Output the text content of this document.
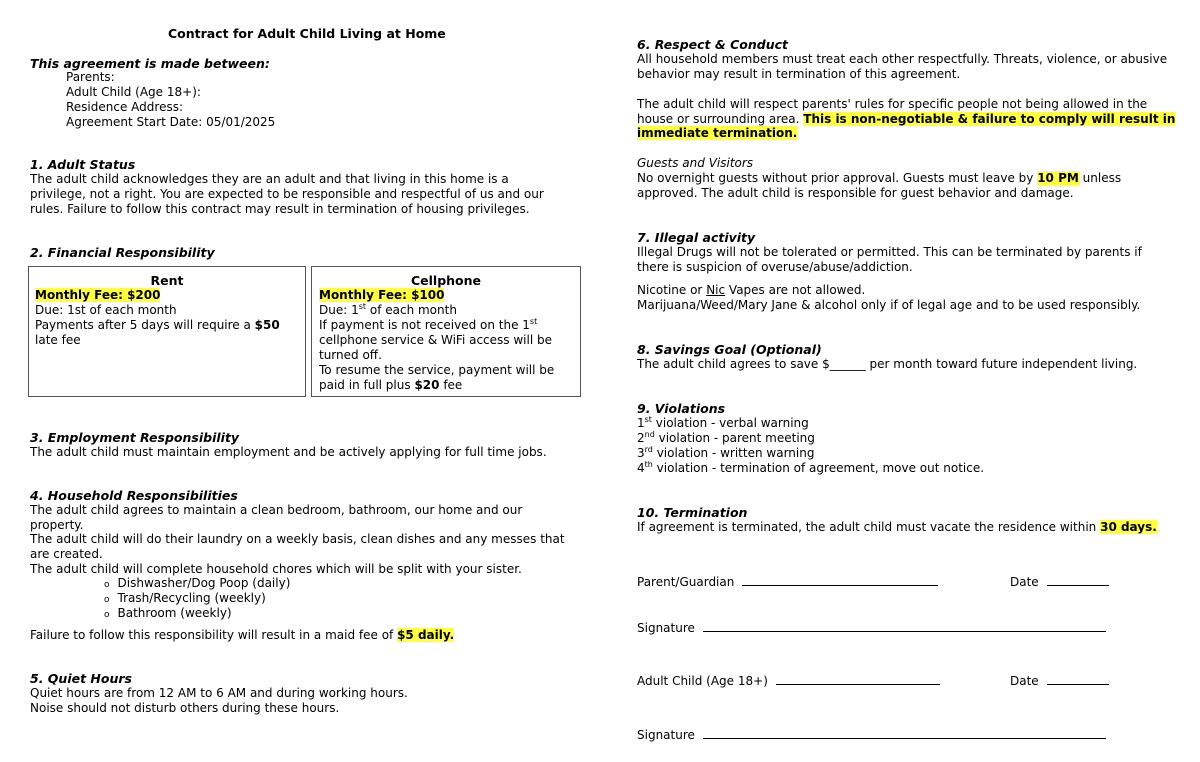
Contract for Adult Child Living at Home
This agreement is made between:
Parents:
Adult Child (Age 18+):
Residence Address:
Agreement Start Date: 05/01/2025
1. Adult Status
The adult child acknowledges they are an adult and that living in this home is a
privilege, not a right. You are expected to be responsible and respectful of us and our
rules. Failure to follow this contract may result in termination of housing privileges.
2. Financial Responsibility
Rent
Monthly Fee: $200
Due: 1st of each month
Payments after 5 days will require a $50
late fee
Cellphone
Monthly Fee: $100
Due: 1st of each month
If payment is not received on the 1st
cellphone service & WiFi access will be
turned off.
To resume the service, payment will be
paid in full plus $20 fee
3. Employment Responsibility
The adult child must maintain employment and be actively applying for full time jobs.
4. Household Responsibilities
The adult child agrees to maintain a clean bedroom, bathroom, our home and our
property.
The adult child will do their laundry on a weekly basis, clean dishes and any messes that
are created.
The adult child will complete household chores which will be split with your sister.
o Dishwasher/Dog Poop (daily)
o Trash/Recycling (weekly)
o Bathroom (weekly)
Failure to follow this responsibility will result in a maid fee of $5 daily.
5. Quiet Hours
Quiet hours are from 12 AM to 6 AM and during working hours.
Noise should not disturb others during these hours.
6. Respect & Conduct
All household members must treat each other respectfully. Threats, violence, or abusive
behavior may result in termination of this agreement.
The adult child will respect parents' rules for specific people not being allowed in the
house or surrounding area. This is non-negotiable & failure to comply will result in
immediate termination.
Guests and Visitors
No overnight guests without prior approval. Guests must leave by 10 PM unless
approved. The adult child is responsible for guest behavior and damage.
7. Illegal activity
Illegal Drugs will not be tolerated or permitted. This can be terminated by parents if
there is suspicion of overuse/abuse/addiction.
Nicotine or Nic Vapes are not allowed.
Marijuana/Weed/Mary Jane & alcohol only if of legal age and to be used responsibly.
8. Savings Goal (Optional)
The adult child agrees to save $______ per month toward future independent living.
9. Violations
1st violation - verbal warning
2nd violation - parent meeting
3rd violation - written warning
4th violation - termination of agreement, move out notice.
10. Termination
If agreement is terminated, the adult child must vacate the residence within 30 days.
Parent/Guardian	Date
Signature
Adult Child (Age 18+)	Date
Signature
